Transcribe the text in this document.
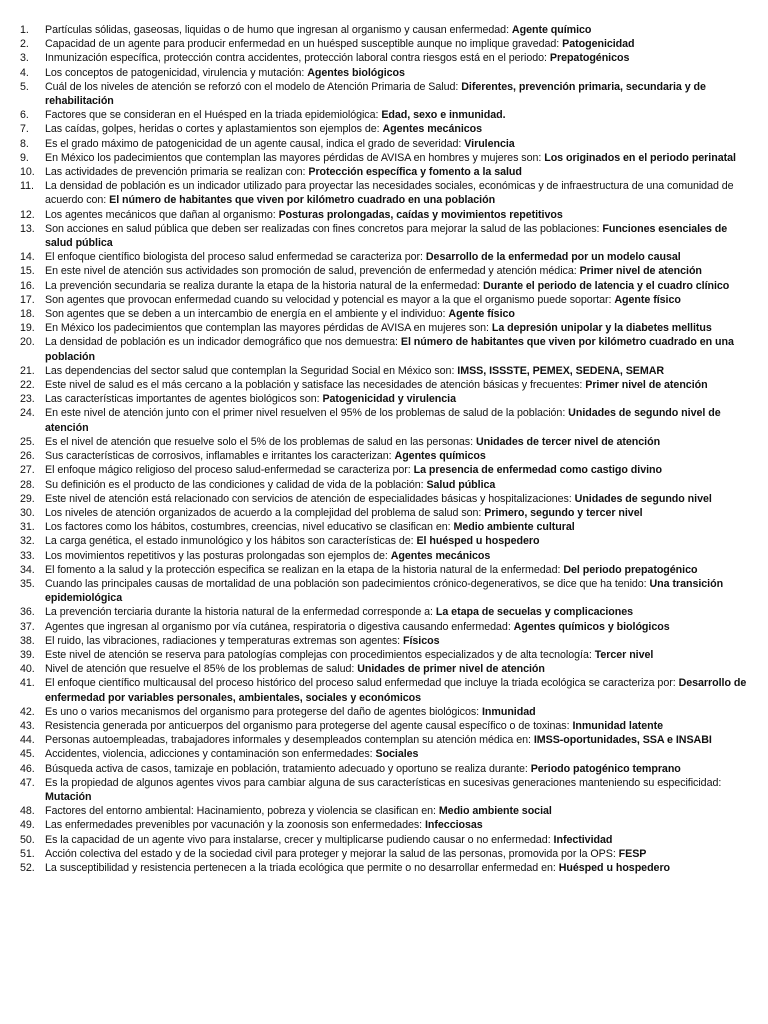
1. Partículas sólidas, gaseosas, liquidas o de humo que ingresan al organismo y causan enfermedad: Agente químico
2. Capacidad de un agente para producir enfermedad en un huésped susceptible aunque no implique gravedad: Patogenicidad
3. Inmunización específica, protección contra accidentes, protección laboral contra riesgos está en el periodo: Prepatogénicos
4. Los conceptos de patogenicidad, virulencia y mutación: Agentes biológicos
5. Cuál de los niveles de atención se reforzó con el modelo de Atención Primaria de Salud: Diferentes, prevención primaria, secundaria y de rehabilitación
6. Factores que se consideran en el Huésped en la triada epidemiológica: Edad, sexo e inmunidad.
7. Las caídas, golpes, heridas o cortes y aplastamientos son ejemplos de: Agentes mecánicos
8. Es el grado máximo de patogenicidad de un agente causal, indica el grado de severidad: Virulencia
9. En México los padecimientos que contemplan las mayores pérdidas de AVISA en hombres y mujeres son: Los originados en el periodo perinatal
10. Las actividades de prevención primaria se realizan con: Protección específica y fomento a la salud
11. La densidad de población es un indicador utilizado para proyectar las necesidades sociales, económicas y de infraestructura de una comunidad de acuerdo con: El número de habitantes que viven por kilómetro cuadrado en una población
12. Los agentes mecánicos que dañan al organismo: Posturas prolongadas, caídas y movimientos repetitivos
13. Son acciones en salud pública que deben ser realizadas con fines concretos para mejorar la salud de las poblaciones: Funciones esenciales de salud pública
14. El enfoque científico biologista del proceso salud enfermedad se caracteriza por: Desarrollo de la enfermedad por un modelo causal
15. En este nivel de atención sus actividades son promoción de salud, prevención de enfermedad y atención médica: Primer nivel de atención
16. La prevención secundaria se realiza durante la etapa de la historia natural de la enfermedad: Durante el periodo de latencia y el cuadro clínico
17. Son agentes que provocan enfermedad cuando su velocidad y potencial es mayor a la que el organismo puede soportar: Agente físico
18. Son agentes que se deben a un intercambio de energía en el ambiente y el individuo: Agente físico
19. En México los padecimientos que contemplan las mayores pérdidas de AVISA en mujeres son: La depresión unipolar y la diabetes mellitus
20. La densidad de población es un indicador demográfico que nos demuestra: El número de habitantes que viven por kilómetro cuadrado en una población
21. Las dependencias del sector salud que contemplan la Seguridad Social en México son: IMSS, ISSSTE, PEMEX, SEDENA, SEMAR
22. Este nivel de salud es el más cercano a la población y satisface las necesidades de atención básicas y frecuentes: Primer nivel de atención
23. Las características importantes de agentes biológicos son: Patogenicidad y virulencia
24. En este nivel de atención junto con el primer nivel resuelven el 95% de los problemas de salud de la población: Unidades de segundo nivel de atención
25. Es el nivel de atención que resuelve solo el 5% de los problemas de salud en las personas: Unidades de tercer nivel de atención
26. Sus características de corrosivos, inflamables e irritantes los caracterizan: Agentes químicos
27. El enfoque mágico religioso del proceso salud-enfermedad se caracteriza por: La presencia de enfermedad como castigo divino
28. Su definición es el producto de las condiciones y calidad de vida de la población: Salud pública
29. Este nivel de atención está relacionado con servicios de atención de especialidades básicas y hospitalizaciones: Unidades de segundo nivel
30. Los niveles de atención organizados de acuerdo a la complejidad del problema de salud son: Primero, segundo y tercer nivel
31. Los factores como los hábitos, costumbres, creencias, nivel educativo se clasifican en: Medio ambiente cultural
32. La carga genética, el estado inmunológico y los hábitos son características de: El huésped u hospedero
33. Los movimientos repetitivos y las posturas prolongadas son ejemplos de: Agentes mecánicos
34. El fomento a la salud y la protección especifica se realizan en la etapa de la historia natural de la enfermedad: Del periodo prepatogénico
35. Cuando las principales causas de mortalidad de una población son padecimientos crónico-degenerativos, se dice que ha tenido: Una transición epidemiológica
36. La prevención terciaria durante la historia natural de la enfermedad corresponde a: La etapa de secuelas y complicaciones
37. Agentes que ingresan al organismo por vía cutánea, respiratoria o digestiva causando enfermedad: Agentes químicos y biológicos
38. El ruido, las vibraciones, radiaciones y temperaturas extremas son agentes: Físicos
39. Este nivel de atención se reserva para patologías complejas con procedimientos especializados y de alta tecnología: Tercer nivel
40. Nivel de atención que resuelve el 85% de los problemas de salud: Unidades de primer nivel de atención
41. El enfoque científico multicausal del proceso histórico del proceso salud enfermedad que incluye la triada ecológica se caracteriza por: Desarrollo de enfermedad por variables personales, ambientales, sociales y económicos
42. Es uno o varios mecanismos del organismo para protegerse del daño de agentes biológicos: Inmunidad
43. Resistencia generada por anticuerpos del organismo para protegerse del agente causal específico o de toxinas: Inmunidad latente
44. Personas autoempleadas, trabajadores informales y desempleados contemplan su atención médica en: IMSS-oportunidades, SSA e INSABI
45. Accidentes, violencia, adicciones y contaminación son enfermedades: Sociales
46. Búsqueda activa de casos, tamizaje en población, tratamiento adecuado y oportuno se realiza durante: Periodo patogénico temprano
47. Es la propiedad de algunos agentes vivos para cambiar alguna de sus características en sucesivas generaciones manteniendo su especificidad: Mutación
48. Factores del entorno ambiental: Hacinamiento, pobreza y violencia se clasifican en: Medio ambiente social
49. Las enfermedades prevenibles por vacunación y la zoonosis son enfermedades: Infecciosas
50. Es la capacidad de un agente vivo para instalarse, crecer y multiplicarse pudiendo causar o no enfermedad: Infectividad
51. Acción colectiva del estado y de la sociedad civil para proteger y mejorar la salud de las personas, promovida por la OPS: FESP
52. La susceptibilidad y resistencia pertenecen a la triada ecológica que permite o no desarrollar enfermedad en: Huésped u hospedero
